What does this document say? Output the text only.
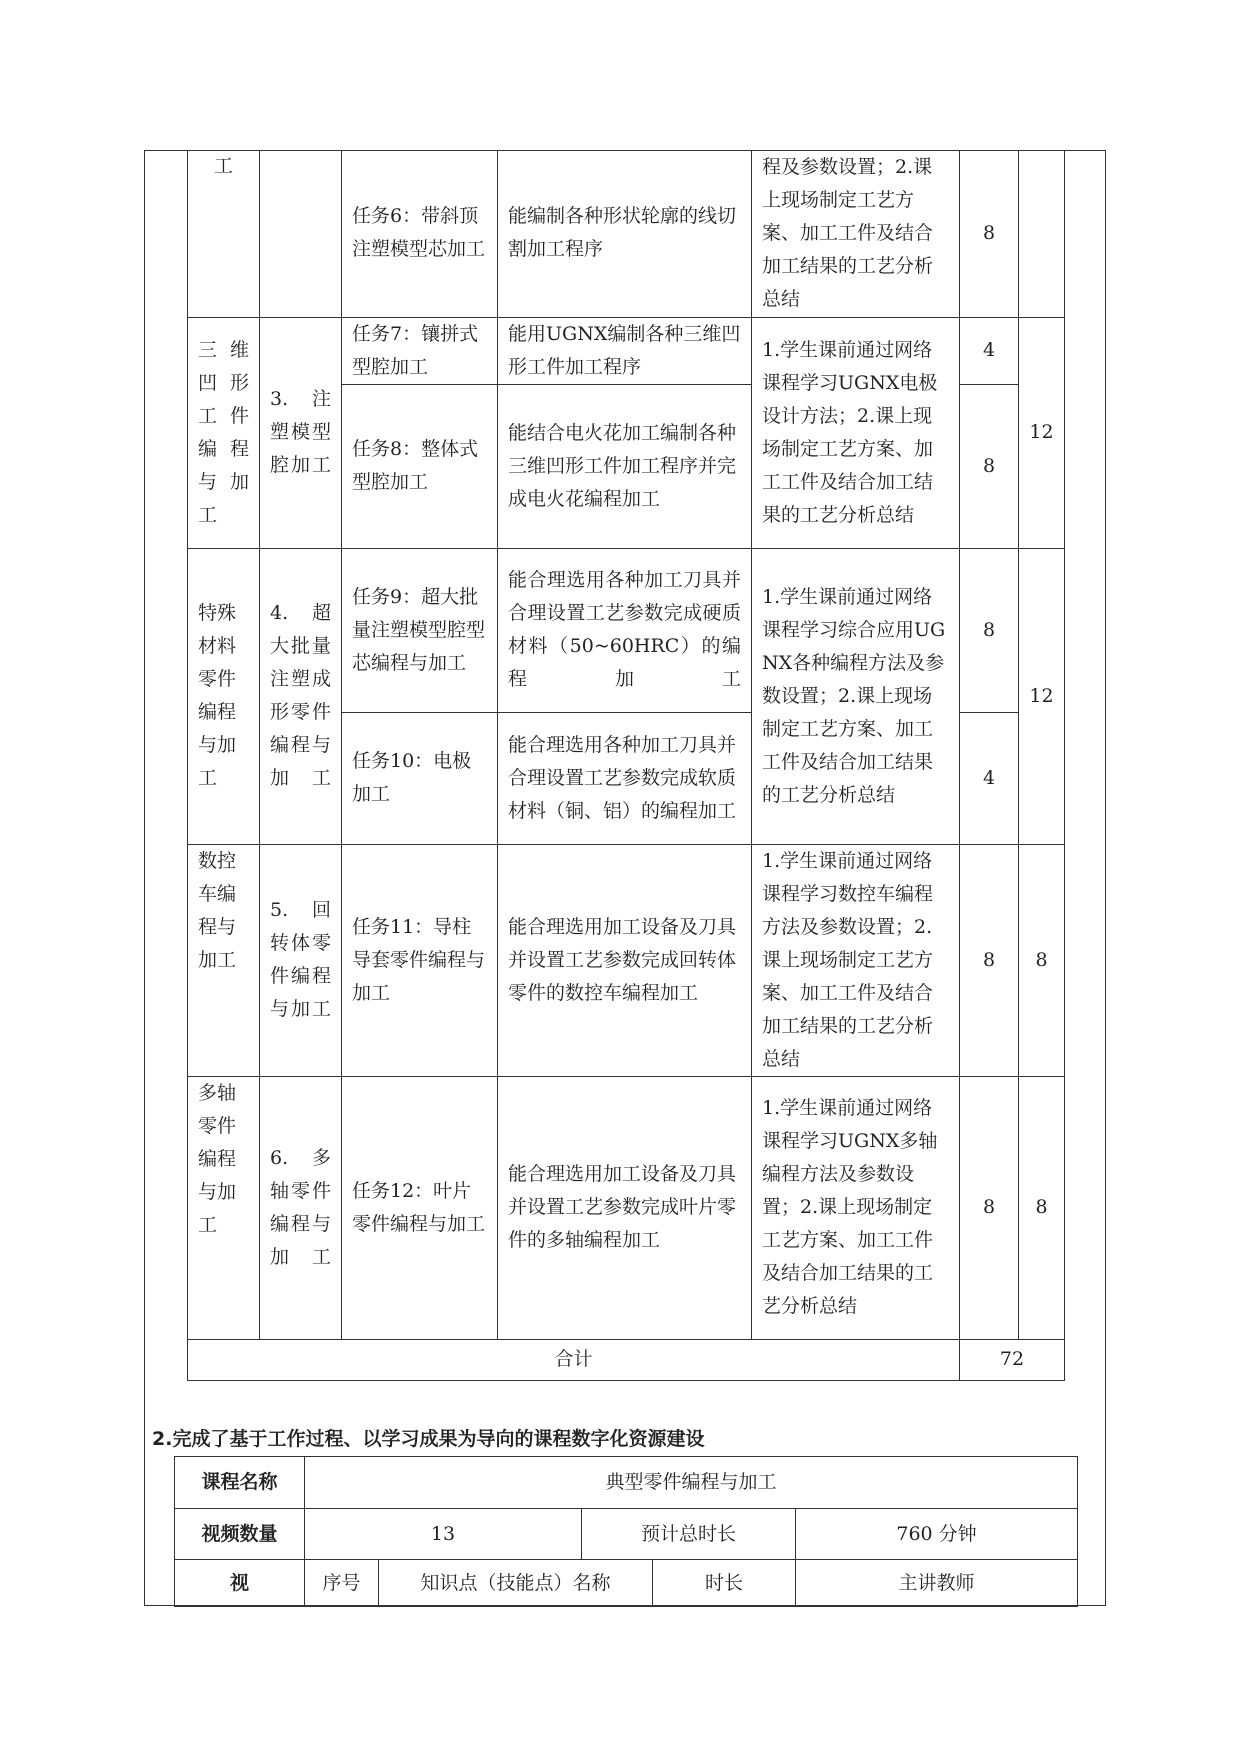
工		任务6：带斜顶注塑模型芯加工	能编制各种形状轮廓的线切割加工程序	程及参数设置；2.课上现场制定工艺方案、加工工件及结合加工结果的工艺分析总结	8	
三维凹形工件编程与加工	3. 注塑模型腔加工	任务7：镶拼式型腔加工	能用UGNX编制各种三维凹形工件加工程序	1.学生课前通过网络课程学习UGNX电极设计方法；2.课上现场制定工艺方案、加工工件及结合加工结果的工艺分析总结	4	12
		任务8：整体式型腔加工	能结合电火花加工编制各种三维凹形工件加工程序并完成电火花编程加工		8	
特殊材料零件编程与加工	4. 超大批量注塑成形零件编程与加工	任务9：超大批量注塑模型腔型芯编程与加工	能合理选用各种加工刀具并合理设置工艺参数完成硬质材料（50~60HRC）的编程加工	1.学生课前通过网络课程学习综合应用UGNX各种编程方法及参数设置；2.课上现场制定工艺方案、加工工件及结合加工结果的工艺分析总结	8	12
		任务10：电极加工	能合理选用各种加工刀具并合理设置工艺参数完成软质材料（铜、铝）的编程加工		4	
数控车编程与加工	5. 回转体零件编程与加工	任务11：导柱导套零件编程与加工	能合理选用加工设备及刀具并设置工艺参数完成回转体零件的数控车编程加工	1.学生课前通过网络课程学习数控车编程方法及参数设置；2.课上现场制定工艺方案、加工工件及结合加工结果的工艺分析总结	8	8
多轴零件编程与加工	6. 多轴零件编程与加工	任务12：叶片零件编程与加工	能合理选用加工设备及刀具并设置工艺参数完成叶片零件的多轴编程加工	1.学生课前通过网络课程学习UGNX多轴编程方法及参数设置；2.课上现场制定工艺方案、加工工件及结合加工结果的工艺分析总结	8	8
合计					72	
2.完成了基于工作过程、以学习成果为导向的课程数字化资源建设
课程名称	典型零件编程与加工				
视频数量	13		预计总时长		760 分钟
视	序号	知识点（技能点）名称		时长	主讲教师
